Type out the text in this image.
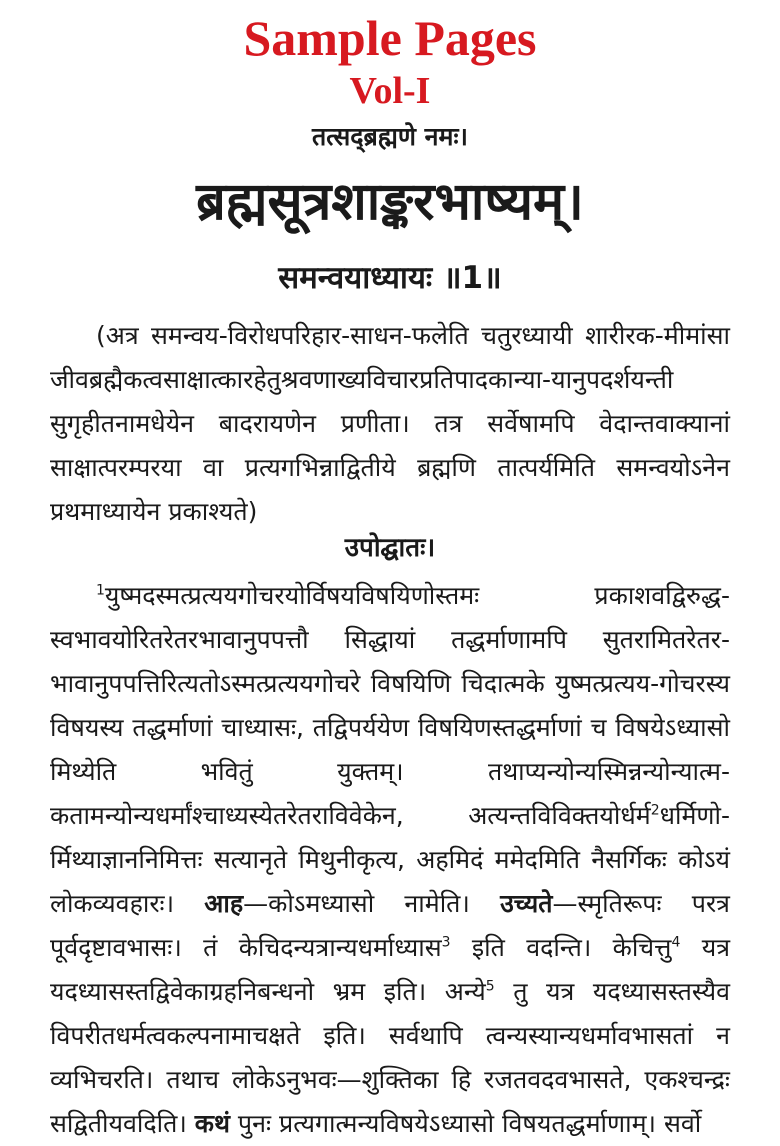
Sample Pages
Vol-I
तत्सद्ब्रह्मणे नमः।
ब्रह्मसूत्रशाङ्करभाष्यम्।
समन्वयाध्यायः ॥1॥

(अत्र समन्वय-विरोधपरिहार-साधन-फलेति चतुरध्यायी शारीरक-मीमांसा जीवब्रह्मैकत्वसाक्षात्कारहेतुश्रवणाख्यविचारप्रतिपादकान्या-यानुपदर्शयन्ती सुगृहीतनामधेयेन बादरायणेन प्रणीता। तत्र सर्वेषामपि वेदान्तवाक्यानां साक्षात्परम्परया वा प्रत्यगभिन्नाद्वितीये ब्रह्मणि तात्पर्यमिति समन्वयोऽनेन प्रथमाध्यायेन प्रकाश्यते)

उपोद्घातः।

$^1$युष्मदस्मत्प्रत्ययगोचरयोर्विषयविषयिणोस्तमः प्रकाशवद्विरुद्ध-स्वभावयोरितरेतरभावानुपपत्तौ सिद्धायां तद्धर्माणामपि सुतरामितरेतर-भावानुपपत्तिरित्यतोऽस्मत्प्रत्ययगोचरे विषयिणि चिदात्मके युष्मत्प्रत्यय-गोचरस्य विषयस्य तद्धर्माणां चाध्यासः, तद्विपर्ययेण विषयिणस्तद्धर्माणां च विषयेऽध्यासो मिथ्येति भवितुं युक्तम्। तथाप्यन्योन्यस्मिन्नन्योन्यात्म-कतामन्योन्यधर्मांश्चाध्यस्येतरेतराविवेकेन, अत्यन्तविविक्तयोर्धर्म$^2$धर्मिणो-र्मिथ्याज्ञाननिमित्तः सत्यानृते मिथुनीकृत्य, अहमिदं ममेदमिति नैसर्गिकः कोऽयं लोकव्यवहारः। आह—कोऽमध्यासो नामेति। उच्यते—स्मृतिरूपः परत्र पूर्वदृष्टावभासः। तं केचिदन्यत्रान्यधर्माध्यास$^3$ इति वदन्ति। केचित्तु$^4$ यत्र यदध्यासस्तद्विवेकाग्रहनिबन्धनो भ्रम इति। अन्ये$^5$ तु यत्र यदध्यासस्तस्यैव विपरीतधर्मत्वकल्पनामाचक्षते इति। सर्वथापि त्वन्यस्यान्यधर्मावभासतां न व्यभिचरति। तथाच लोकेऽनुभवः—शुक्तिका हि रजतवदवभासते, एकश्चन्द्रः सद्वितीयवदिति। कथं पुनः प्रत्यगात्मन्यविषयेऽध्यासो विषयतद्धर्माणाम्। सर्वो
